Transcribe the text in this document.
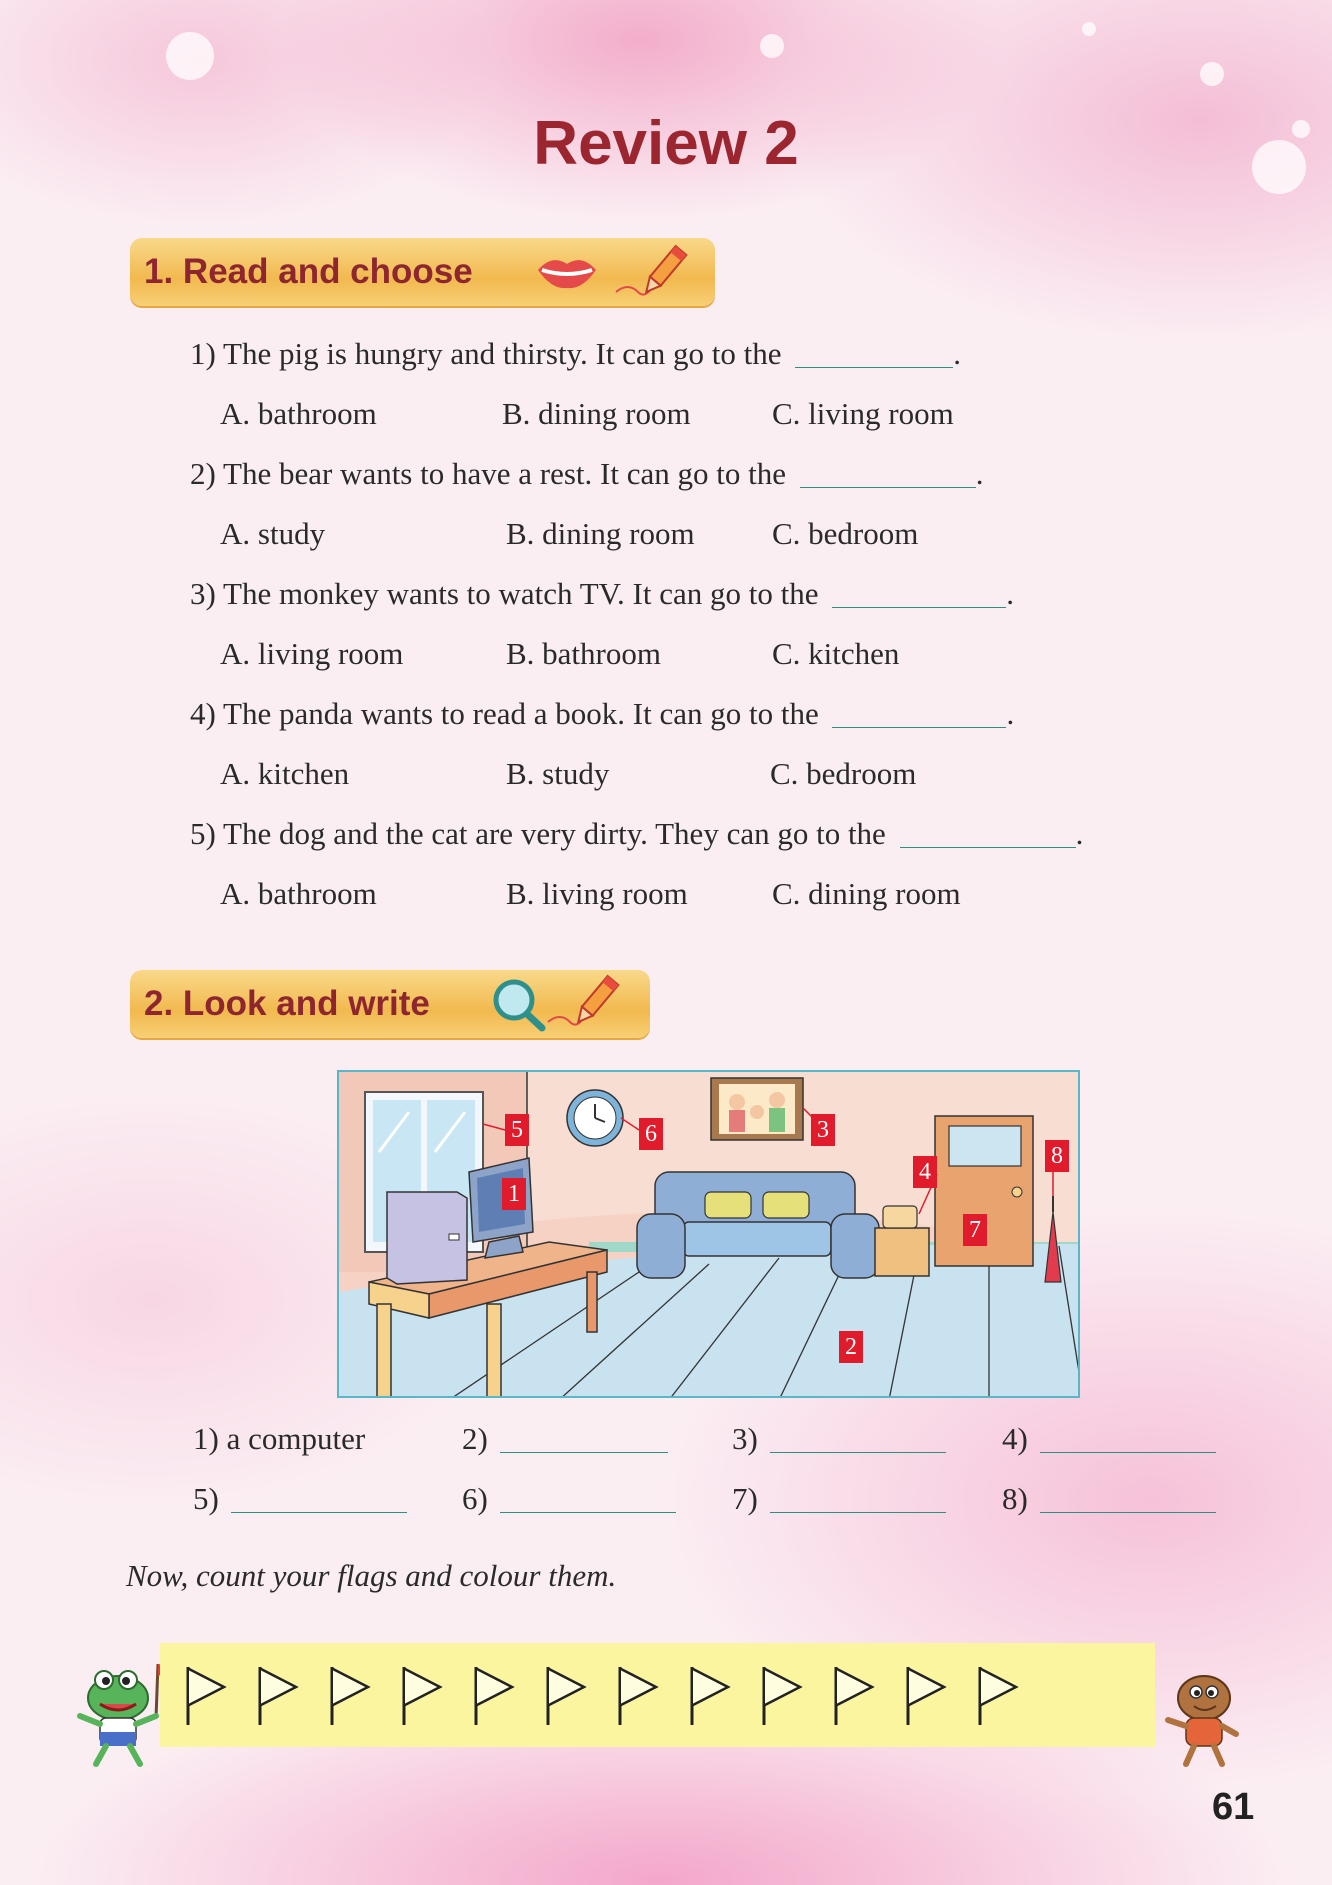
Review 2
1. Read and choose
1) The pig is hungry and thirsty. It can go to the	.
A. bathroom	B. dining room	C. living room
2) The bear wants to have a rest. It can go to the	.
A. study	B. dining room C. bedroom
3) The monkey wants to watch TV. It can go to the	.
A. living room	B. bathroom	C. kitchen
4) The panda wants to read a book. It can go to the	.
A. kitchen	B. study	C. bedroom
5) The dog and the cat are very dirty. They can go to the	.
A. bathroom	B. living room	C. dining room
2. Look and write
1
2
3
4
5	6
7
8
1) a computer	2)	3)	4)
5)	6)	7)	8)
Now, count your flags and colour them.
61
